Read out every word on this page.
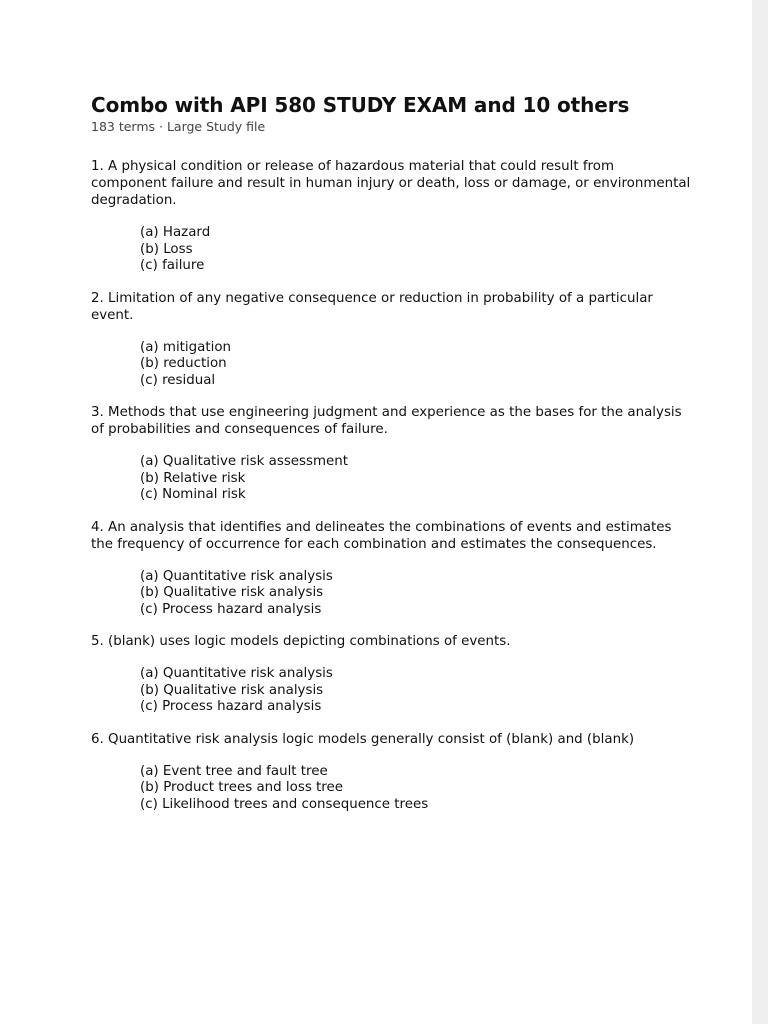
Combo with API 580 STUDY EXAM and 10 others
183 terms · Large Study file

1. A physical condition or release of hazardous material that could result from component failure and result in human injury or death, loss or damage, or environmental degradation.

(a) Hazard
(b) Loss
(c) failure

2. Limitation of any negative consequence or reduction in probability of a particular event.

(a) mitigation
(b) reduction
(c) residual

3. Methods that use engineering judgment and experience as the bases for the analysis of probabilities and consequences of failure.

(a) Qualitative risk assessment
(b) Relative risk
(c) Nominal risk

4. An analysis that identifies and delineates the combinations of events and estimates the frequency of occurrence for each combination and estimates the consequences.

(a) Quantitative risk analysis
(b) Qualitative risk analysis
(c) Process hazard analysis

5. (blank) uses logic models depicting combinations of events.

(a) Quantitative risk analysis
(b) Qualitative risk analysis
(c) Process hazard analysis

6. Quantitative risk analysis logic models generally consist of (blank) and (blank)

(a) Event tree and fault tree
(b) Product trees and loss tree
(c) Likelihood trees and consequence trees
